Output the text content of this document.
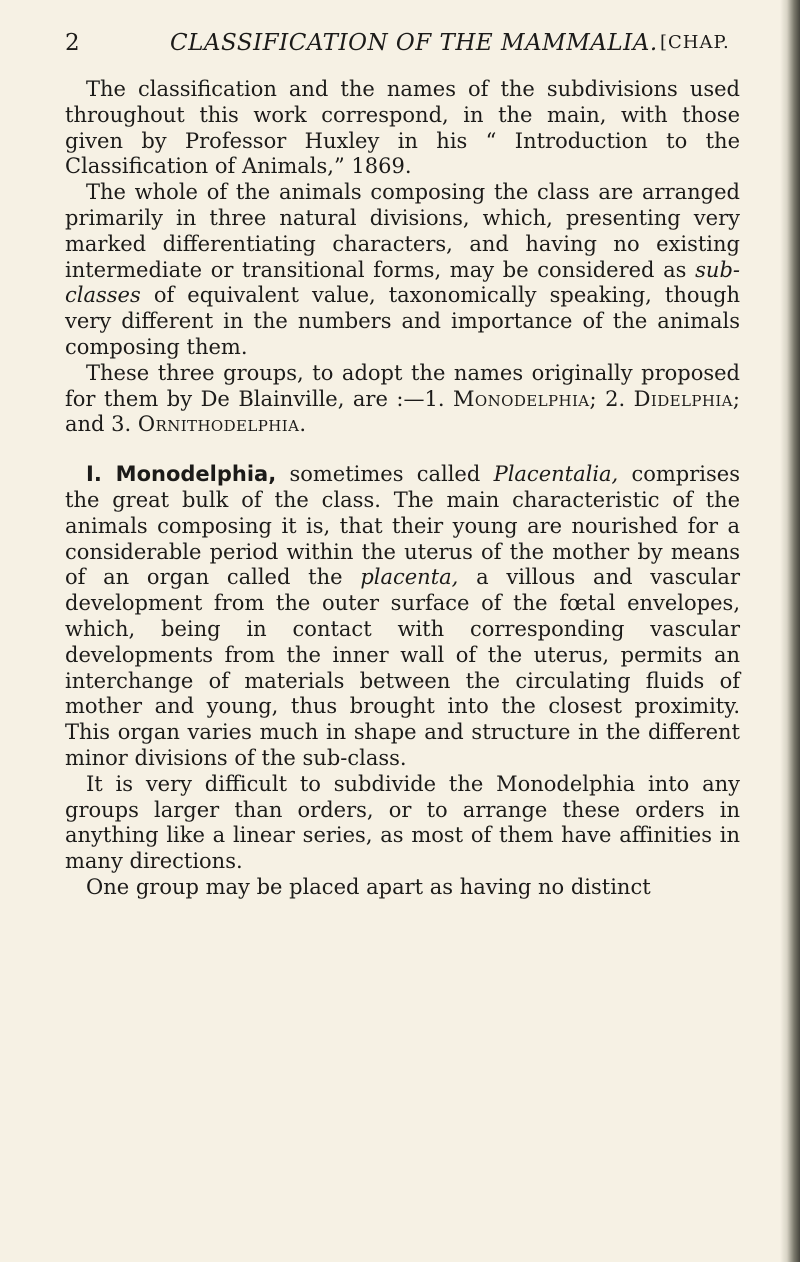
2	CLASSIFICATION OF THE MAMMALIA. [CHAP.

The classification and the names of the subdivisions used throughout this work correspond, in the main, with those given by Professor Huxley in his “ Introduction to the Classification of Animals,” 1869.

The whole of the animals composing the class are arranged primarily in three natural divisions, which, presenting very marked differentiating characters, and having no existing intermediate or transitional forms, may be considered as sub-classes of equivalent value, taxonomically speaking, though very different in the numbers and importance of the animals composing them.

These three groups, to adopt the names originally proposed for them by De Blainville, are :—1. Monodelphia; 2. Didelphia; and 3. Ornithodelphia.

I. Monodelphia, sometimes called Placentalia, comprises the great bulk of the class. The main characteristic of the animals composing it is, that their young are nourished for a considerable period within the uterus of the mother by means of an organ called the placenta, a villous and vascular development from the outer surface of the fœtal envelopes, which, being in contact with corresponding vascular developments from the inner wall of the uterus, permits an interchange of materials between the circulating fluids of mother and young, thus brought into the closest proximity. This organ varies much in shape and structure in the different minor divisions of the sub-class.

It is very difficult to subdivide the Monodelphia into any groups larger than orders, or to arrange these orders in anything like a linear series, as most of them have affinities in many directions.

One group may be placed apart as having no distinct
